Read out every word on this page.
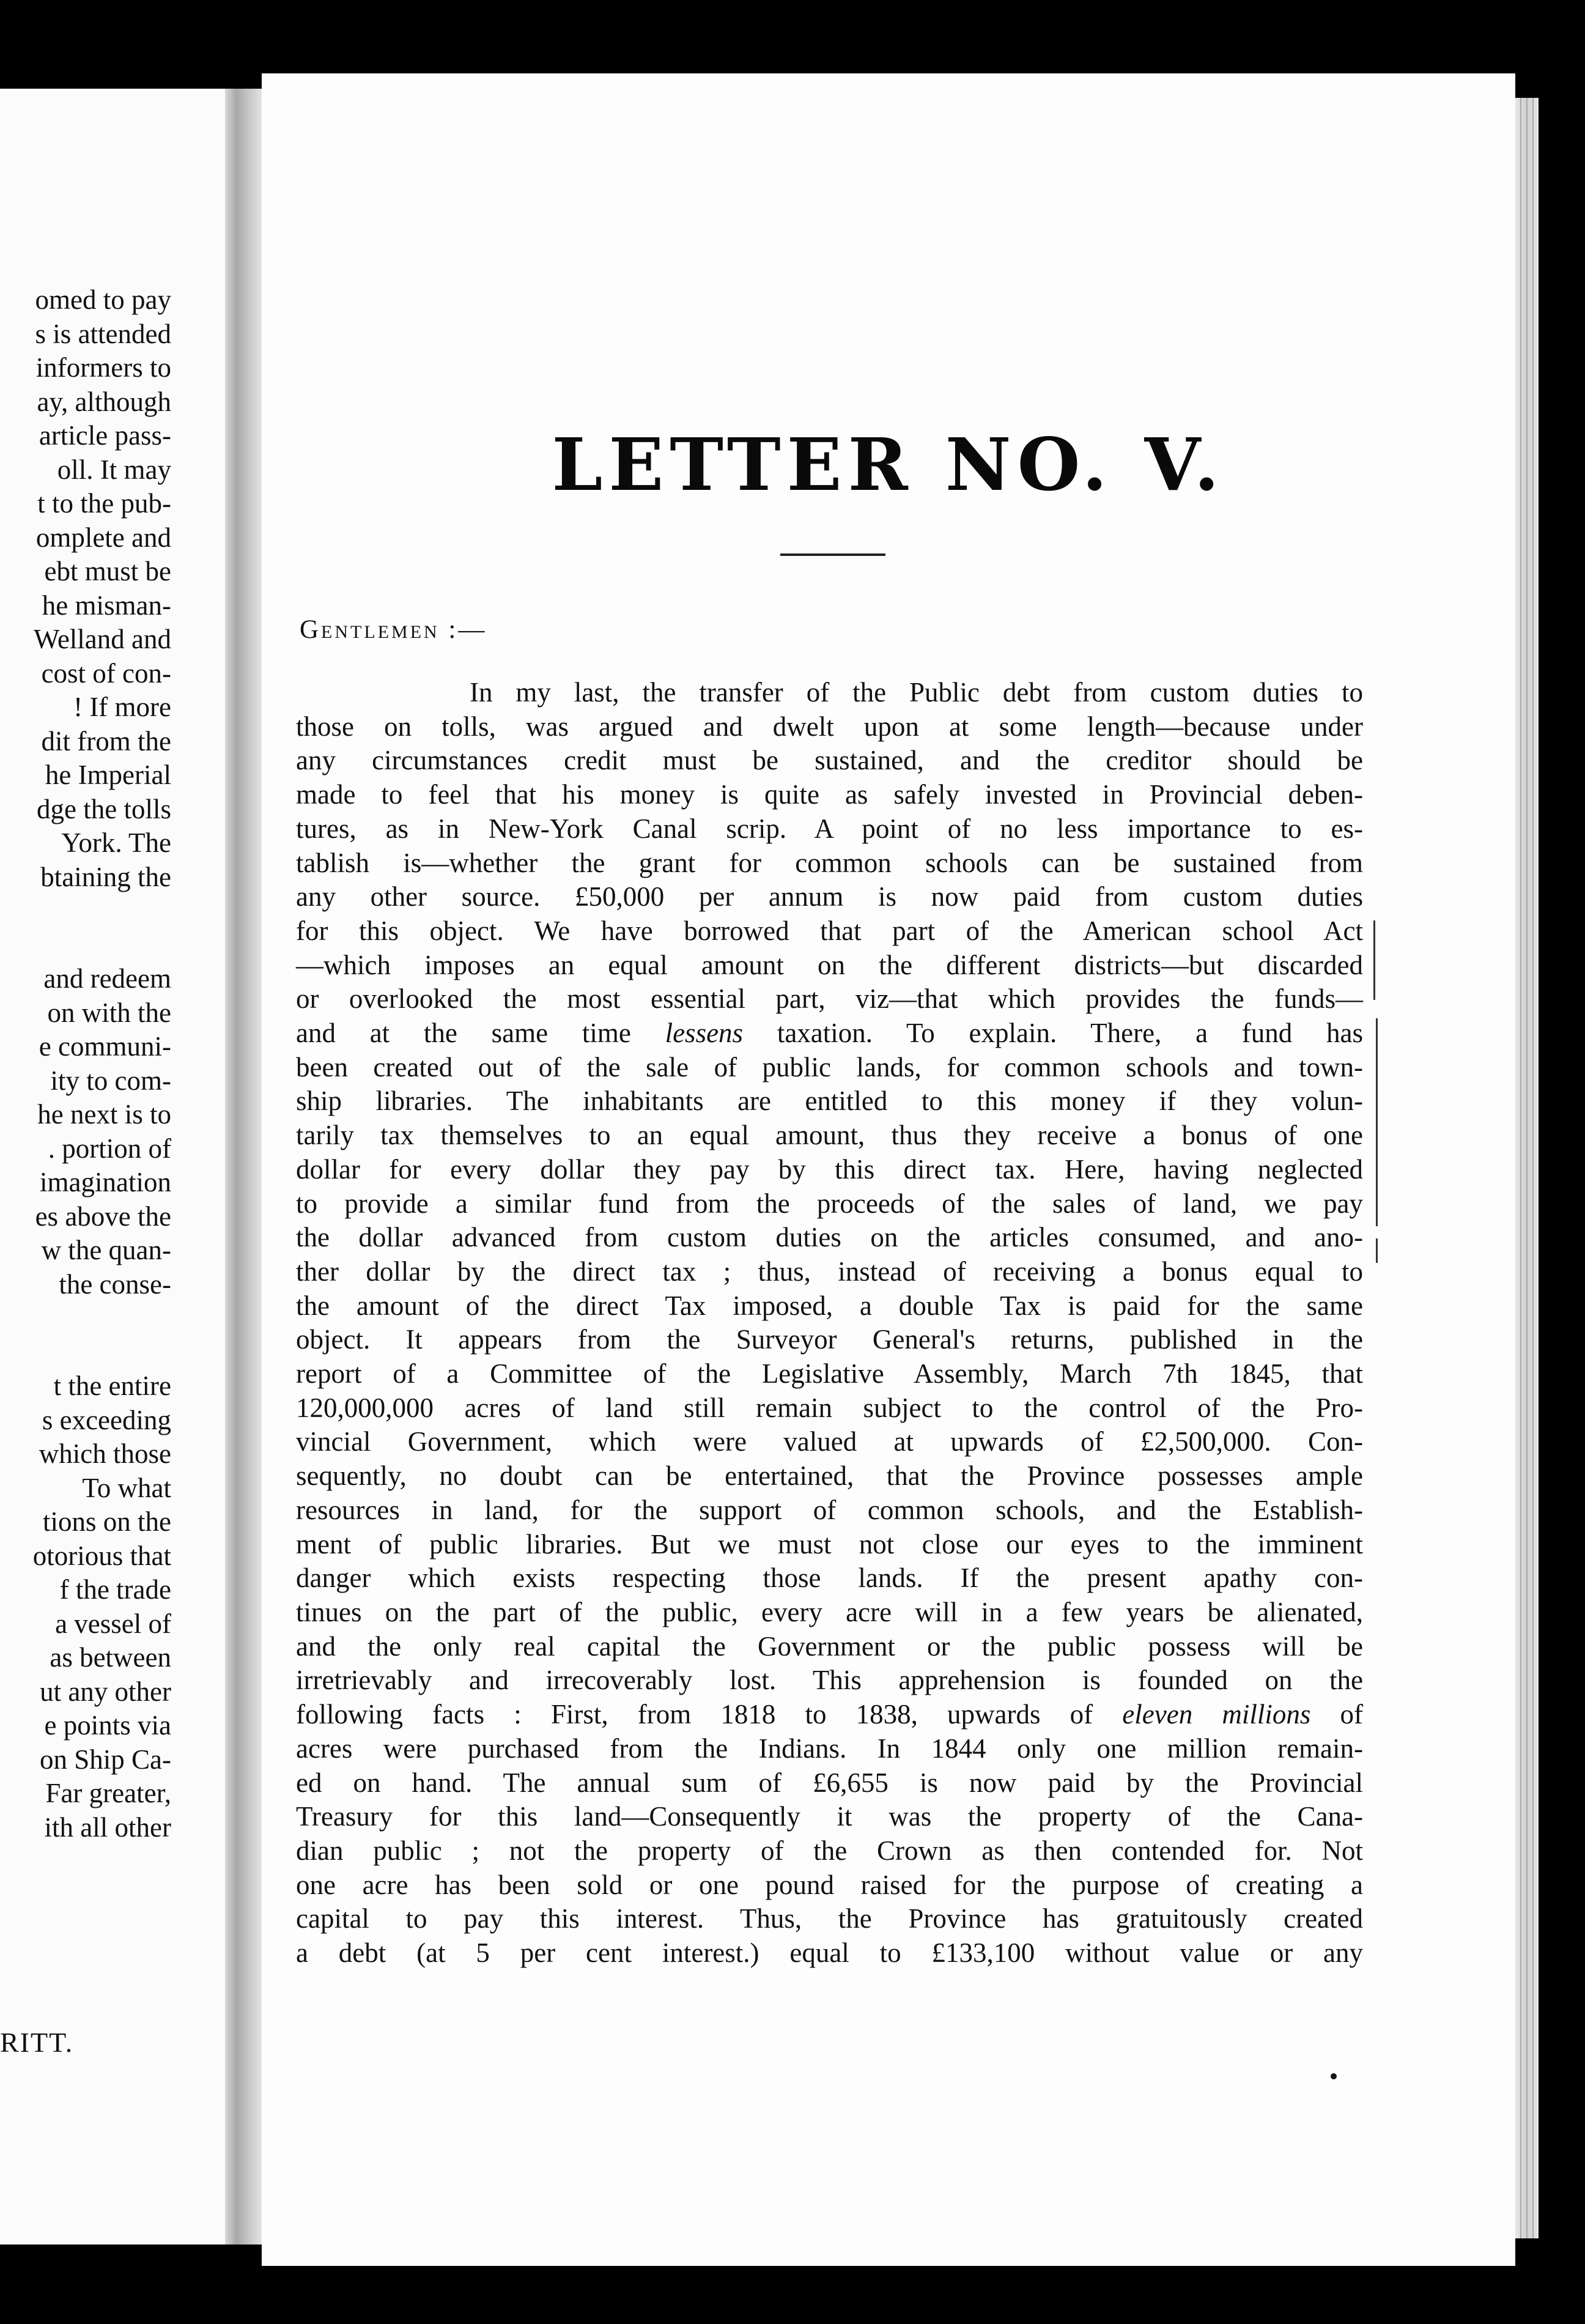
omed to pay
s is attended
informers to
ay, although
article pass-
oll. It may
t to the pub-
omplete and
ebt must be
he misman-
Welland and
cost of con-
! If more
dit from the
he Imperial
dge the tolls
York. The
btaining the
and redeem
on with the
e communi-
ity to com-
he next is to
. portion of
imagination
es above the
w the quan-
the conse-
t the entire
s exceeding
which those
To what
tions on the
otorious that
f the trade
a vessel of
as between
ut any other
e points via
on Ship Ca-
Far greater,
ith all other
RITT.
LETTER NO. V.
Gentlemen :—
In my last, the transfer of the Public debt from custom duties to
those on tolls, was argued and dwelt upon at some length—because under
any circumstances credit must be sustained, and the creditor should be
made to feel that his money is quite as safely invested in Provincial deben-
tures, as in New-York Canal scrip. A point of no less importance to es-
tablish is—whether the grant for common schools can be sustained from
any other source. £50,000 per annum is now paid from custom duties
for this object. We have borrowed that part of the American school Act
—which imposes an equal amount on the different districts—but discarded
or overlooked the most essential part, viz—that which provides the funds—
and at the same time lessens taxation. To explain. There, a fund has
been created out of the sale of public lands, for common schools and town-
ship libraries. The inhabitants are entitled to this money if they volun-
tarily tax themselves to an equal amount, thus they receive a bonus of one
dollar for every dollar they pay by this direct tax. Here, having neglected
to provide a similar fund from the proceeds of the sales of land, we pay
the dollar advanced from custom duties on the articles consumed, and ano-
ther dollar by the direct tax ; thus, instead of receiving a bonus equal to
the amount of the direct Tax imposed, a double Tax is paid for the same
object. It appears from the Surveyor General's returns, published in the
report of a Committee of the Legislative Assembly, March 7th 1845, that
120,000,000 acres of land still remain subject to the control of the Pro-
vincial Government, which were valued at upwards of £2,500,000. Con-
sequently, no doubt can be entertained, that the Province possesses ample
resources in land, for the support of common schools, and the Establish-
ment of public libraries. But we must not close our eyes to the imminent
danger which exists respecting those lands. If the present apathy con-
tinues on the part of the public, every acre will in a few years be alienated,
and the only real capital the Government or the public possess will be
irretrievably and irrecoverably lost. This apprehension is founded on the
following facts : First, from 1818 to 1838, upwards of eleven millions of
acres were purchased from the Indians. In 1844 only one million remain-
ed on hand. The annual sum of £6,655 is now paid by the Provincial
Treasury for this land—Consequently it was the property of the Cana-
dian public ; not the property of the Crown as then contended for. Not
one acre has been sold or one pound raised for the purpose of creating a
capital to pay this interest. Thus, the Province has gratuitously created
a debt (at 5 per cent interest.) equal to £133,100 without value or any
